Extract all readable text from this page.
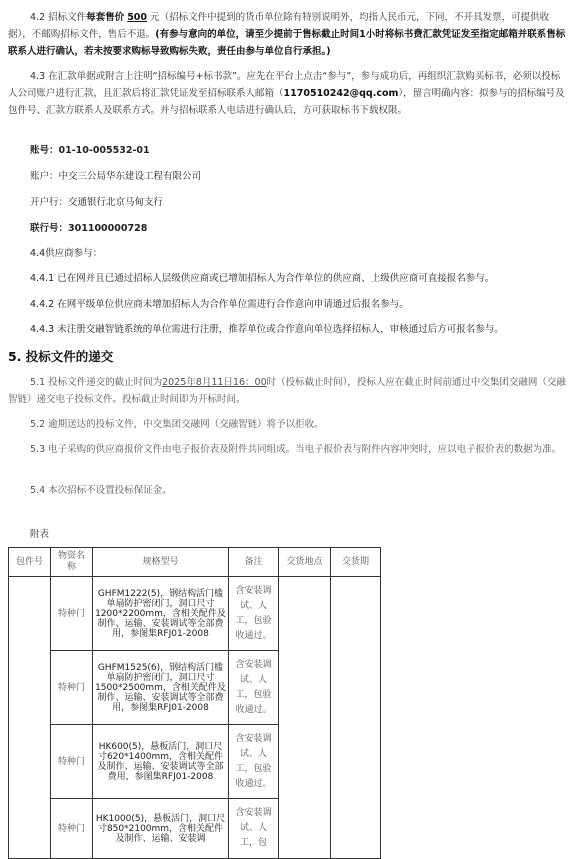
4.2 招标文件每套售价 500 元（招标文件中提到的货币单位除有特别说明外，均指人民币元，下同，不开具发票，可提供收据），不邮购招标文件，售后不退。(有参与意向的单位，请至少提前于售标截止时间1小时将标书费汇款凭证发至指定邮箱并联系售标联系人进行确认，若未按要求购标导致购标失败，责任由参与单位自行承担。)
4.3 在汇款单据或附言上注明“招标编号+标书款”。应先在平台上点击“参与”，参与成功后，再组织汇款购买标书，必须以投标人公司账户进行汇款，且汇款后将汇款凭证发至招标联系人邮箱（1170510242@qq.com），留言明确内容：拟参与的招标编号及包件号、汇款方联系人及联系方式。并与招标联系人电话进行确认后，方可获取标书下载权限。
账号：01-10-005532-01
账户：中交三公局华东建设工程有限公司
开户行：交通银行北京马甸支行
联行号：301100000728
4.4供应商参与：
4.4.1 已在网并且已通过招标人层级供应商或已增加招标人为合作单位的供应商、上级供应商可直接报名参与。
4.4.2 在网平级单位供应商未增加招标人为合作单位需进行合作意向申请通过后报名参与。
4.4.3 未注册交融智链系统的单位需进行注册，推荐单位或合作意向单位选择招标人，审核通过后方可报名参与。
5. 投标文件的递交
5.1 投标文件递交的截止时间为2025年8月11日16：00时（投标截止时间），投标人应在截止时间前通过中交集团交融网（交融智链）递交电子投标文件。投标截止时间即为开标时间。
5.2 逾期送达的投标文件，中交集团交融网（交融智链）将予以拒收。
5.3 电子采购的供应商报价文件由电子报价表及附件共同组成。当电子报价表与附件内容冲突时，应以电子报价表的数据为准。
5.4 本次招标不设置投标保证金。
附表
包件号	物资名称	规格型号	备注	交货地点	交货期
	特种门	GHFM1222(5)，钢结构活门槛单扇防护密闭门，洞口尺寸1200*2200mm，含相关配件及制作、运输、安装调试等全部费用，参图集RFJ01-2008	含安装调试、人工，包验收通过。		
	特种门	GHFM1525(6)，钢结构活门槛单扇防护密闭门，洞口尺寸1500*2500mm，含相关配件及制作、运输、安装调试等全部费用，参图集RFJ01-2008	含安装调试、人工，包验收通过。		
	特种门	HK600(5)，悬板活门，洞口尺寸620*1400mm，含相关配件及制作、运输、安装调试等全部费用，参图集RFJ01-2008	含安装调试、人工，包验收通过。		
	特种门	HK1000(5)，悬板活门，洞口尺寸850*2100mm，含相关配件及制作、运输、安装调	含安装调试、人工，包		
